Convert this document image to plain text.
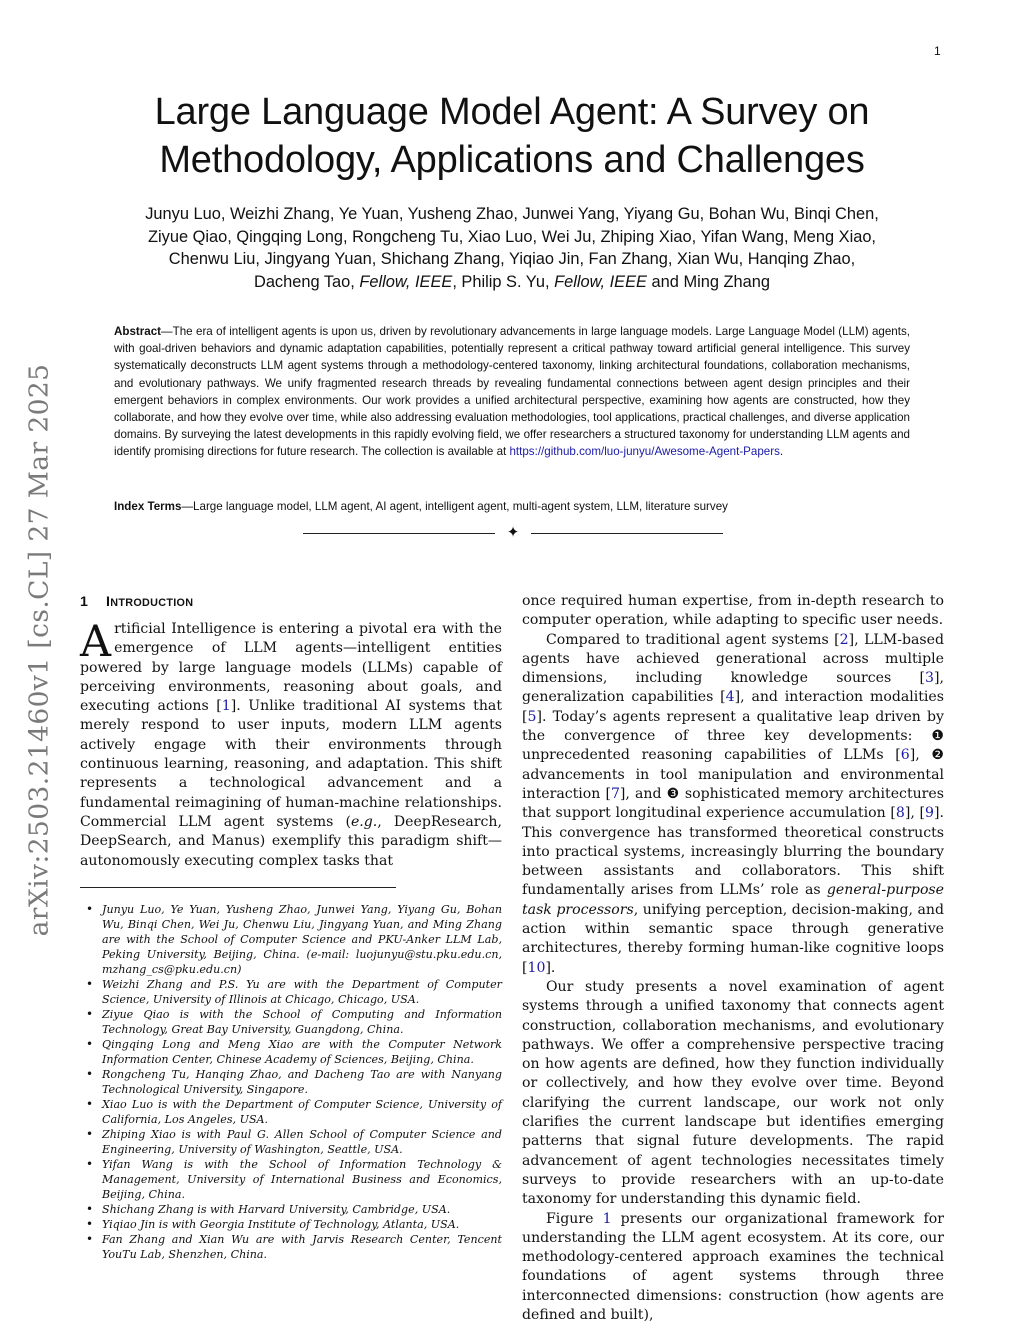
1
Large Language Model Agent: A Survey on
Methodology, Applications and Challenges
Junyu Luo, Weizhi Zhang, Ye Yuan, Yusheng Zhao, Junwei Yang, Yiyang Gu, Bohan Wu, Binqi Chen,
Ziyue Qiao, Qingqing Long, Rongcheng Tu, Xiao Luo, Wei Ju, Zhiping Xiao, Yifan Wang, Meng Xiao,
Chenwu Liu, Jingyang Yuan, Shichang Zhang, Yiqiao Jin, Fan Zhang, Xian Wu, Hanqing Zhao,
Dacheng Tao, Fellow, IEEE, Philip S. Yu, Fellow, IEEE and Ming Zhang
Abstract—The era of intelligent agents is upon us, driven by revolutionary advancements in large language models. Large Language Model (LLM) agents, with goal-driven behaviors and dynamic adaptation capabilities, potentially represent a critical pathway toward artificial general intelligence. This survey systematically deconstructs LLM agent systems through a methodology-centered taxonomy, linking architectural foundations, collaboration mechanisms, and evolutionary pathways. We unify fragmented research threads by revealing fundamental connections between agent design principles and their emergent behaviors in complex environments. Our work provides a unified architectural perspective, examining how agents are constructed, how they collaborate, and how they evolve over time, while also addressing evaluation methodologies, tool applications, practical challenges, and diverse application domains. By surveying the latest developments in this rapidly evolving field, we offer researchers a structured taxonomy for understanding LLM agents and identify promising directions for future research. The collection is available at https://github.com/luo-junyu/Awesome-Agent-Papers.
Index Terms—Large language model, LLM agent, AI agent, intelligent agent, multi-agent system, LLM, literature survey
✦
arXiv:2503.21460v1 [cs.CL] 27 Mar 2025 1 INTRODUCTION

Artificial Intelligence is entering a pivotal era with the emergence of LLM agents—intelligent entities powered by large language models (LLMs) capable of perceiving environments, reasoning about goals, and executing actions [1]. Unlike traditional AI systems that merely respond to user inputs, modern LLM agents actively engage with their environments through continuous learning, reasoning, and adaptation. This shift represents a technological advancement and a fundamental reimagining of human-machine relationships. Commercial LLM agent systems (e.g., DeepResearch, DeepSearch, and Manus) exemplify this paradigm shift—autonomously executing complex tasks that

• Junyu Luo, Ye Yuan, Yusheng Zhao, Junwei Yang, Yiyang Gu, Bohan Wu, Binqi Chen, Wei Ju, Chenwu Liu, Jingyang Yuan, and Ming Zhang are with the School of Computer Science and PKU-Anker LLM Lab, Peking University, Beijing, China. (e-mail: luojunyu@stu.pku.edu.cn, mzhang_cs@pku.edu.cn)
• Weizhi Zhang and P.S. Yu are with the Department of Computer Science, University of Illinois at Chicago, Chicago, USA.
• Ziyue Qiao is with the School of Computing and Information Technology, Great Bay University, Guangdong, China.
• Qingqing Long and Meng Xiao are with the Computer Network Information Center, Chinese Academy of Sciences, Beijing, China.
• Rongcheng Tu, Hanqing Zhao, and Dacheng Tao are with Nanyang Technological University, Singapore.
• Xiao Luo is with the Department of Computer Science, University of California, Los Angeles, USA.
• Zhiping Xiao is with Paul G. Allen School of Computer Science and Engineering, University of Washington, Seattle, USA.
• Yifan Wang is with the School of Information Technology & Management, University of International Business and Economics, Beijing, China.
• Shichang Zhang is with Harvard University, Cambridge, USA.
• Yiqiao Jin is with Georgia Institute of Technology, Atlanta, USA.
• Fan Zhang and Xian Wu are with Jarvis Research Center, Tencent YouTu Lab, Shenzhen, China.

once required human expertise, from in-depth research to computer operation, while adapting to specific user needs.

Compared to traditional agent systems [2], LLM-based agents have achieved generational across multiple dimensions, including knowledge sources [3], generalization capabilities [4], and interaction modalities [5]. Today’s agents represent a qualitative leap driven by the convergence of three key developments: ❶ unprecedented reasoning capabilities of LLMs [6], ❷ advancements in tool manipulation and environmental interaction [7], and ❸ sophisticated memory architectures that support longitudinal experience accumulation [8], [9]. This convergence has transformed theoretical constructs into practical systems, increasingly blurring the boundary between assistants and collaborators. This shift fundamentally arises from LLMs’ role as general-purpose task processors, unifying perception, decision-making, and action within semantic space through generative architectures, thereby forming human-like cognitive loops [10].

Our study presents a novel examination of agent systems through a unified taxonomy that connects agent construction, collaboration mechanisms, and evolutionary pathways. We offer a comprehensive perspective tracing on how agents are defined, how they function individually or collectively, and how they evolve over time. Beyond clarifying the current landscape, our work not only clarifies the current landscape but identifies emerging patterns that signal future developments. The rapid advancement of agent technologies necessitates timely surveys to provide researchers with an up-to-date taxonomy for understanding this dynamic field.

Figure 1 presents our organizational framework for understanding the LLM agent ecosystem. At its core, our methodology-centered approach examines the technical foundations of agent systems through three interconnected dimensions: construction (how agents are defined and built),
